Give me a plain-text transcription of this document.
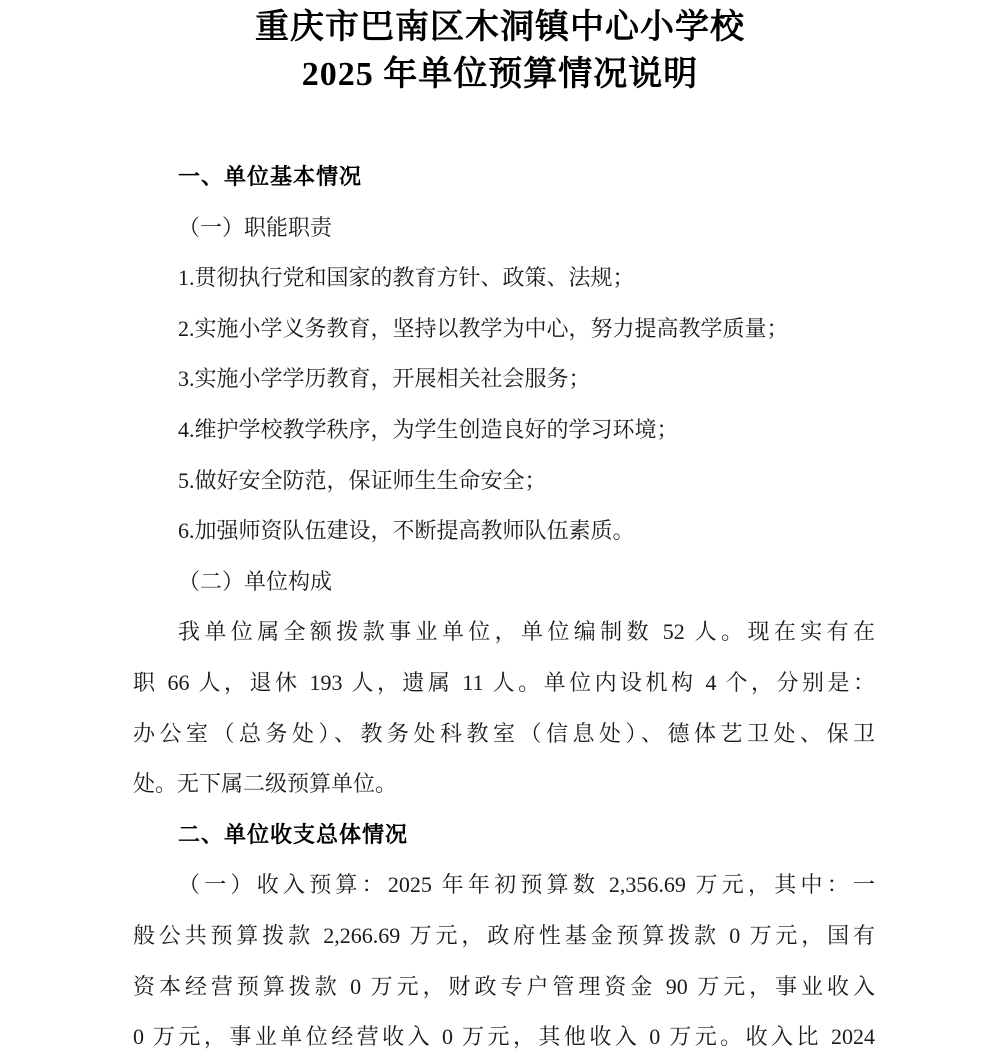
重庆市巴南区木洞镇中心小学校
2025 年单位预算情况说明
一、单位基本情况
（一）职能职责
1.贯彻执行党和国家的教育方针、政策、法规；
2.实施小学义务教育，坚持以教学为中心，努力提高教学质量；
3.实施小学学历教育，开展相关社会服务；
4.维护学校教学秩序，为学生创造良好的学习环境；
5.做好安全防范，保证师生生命安全；
6.加强师资队伍建设，不断提高教师队伍素质。
（二）单位构成
我单位属全额拨款事业单位，单位编制数 52 人。现在实有在
职 66 人，退休 193 人，遗属 11 人。单位内设机构 4 个，分别是：
办公室（总务处）、教务处科教室（信息处）、德体艺卫处、保卫
处。无下属二级预算单位。
二、单位收支总体情况
（一）收入预算：2025 年年初预算数 2,356.69 万元，其中：一
般公共预算拨款 2,266.69 万元，政府性基金预算拨款 0 万元，国有
资本经营预算拨款 0 万元，财政专户管理资金 90 万元，事业收入
0 万元，事业单位经营收入 0 万元，其他收入 0 万元。收入比 2024
